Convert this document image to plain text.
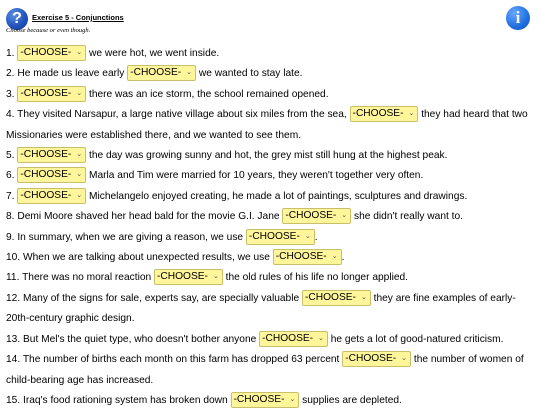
?	Exercise 5 - Conjunctions	i
Choose because or even though.
1. -CHOOSE- ⌄ we were hot, we went inside.
2. He made us leave early -CHOOSE- ⌄ we wanted to stay late.
3. -CHOOSE- ⌄ there was an ice storm, the school remained opened.
4. They visited Narsapur, a large native village about six miles from the sea, -CHOOSE- ⌄ they had heard that two Missionaries were established there, and we wanted to see them.
5. -CHOOSE- ⌄ the day was growing sunny and hot, the grey mist still hung at the highest peak.
6. -CHOOSE- ⌄ Marla and Tim were married for 10 years, they weren't together very often.
7. -CHOOSE- ⌄ Michelangelo enjoyed creating, he made a lot of paintings, sculptures and drawings.
8. Demi Moore shaved her head bald for the movie G.I. Jane -CHOOSE- ⌄ she didn't really want to.
9. In summary, when we are giving a reason, we use -CHOOSE- ⌄ .
10. When we are talking about unexpected results, we use -CHOOSE- ⌄ .
11. There was no moral reaction -CHOOSE- ⌄ the old rules of his life no longer applied.
12. Many of the signs for sale, experts say, are specially valuable -CHOOSE- ⌄ they are fine examples of early-20th-century graphic design.
13. But Mel's the quiet type, who doesn't bother anyone -CHOOSE- ⌄ he gets a lot of good-natured criticism.
14. The number of births each month on this farm has dropped 63 percent -CHOOSE- ⌄ the number of women of child-bearing age has increased.
15. Iraq's food rationing system has broken down -CHOOSE- ⌄ supplies are depleted.
